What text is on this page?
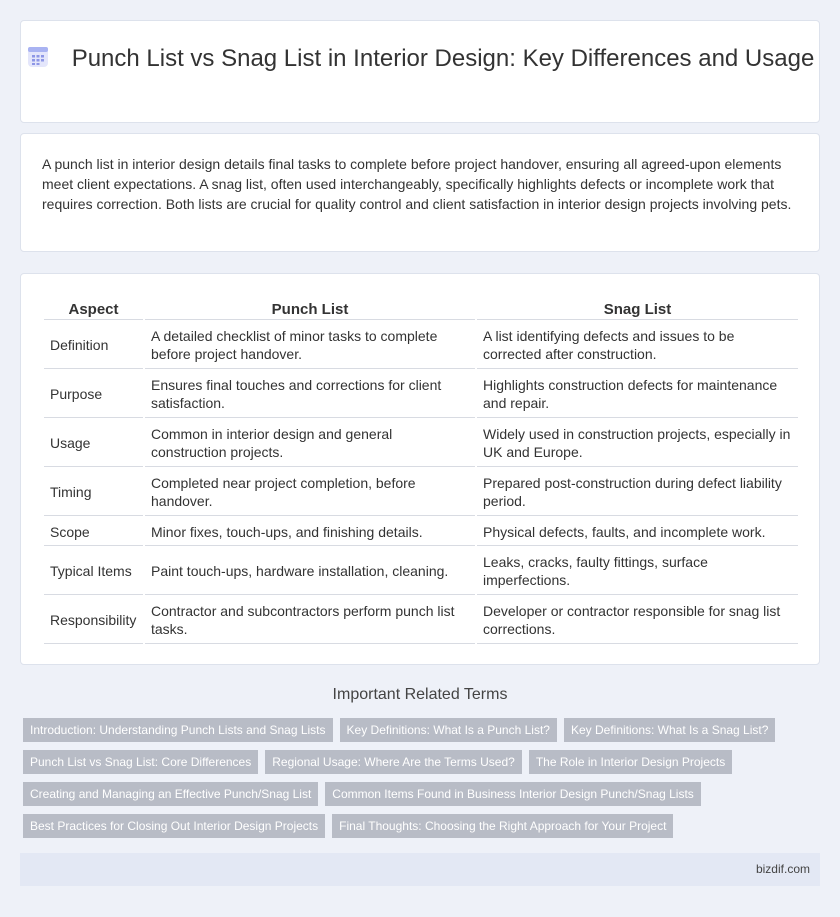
Punch List vs Snag List in Interior Design: Key Differences and Usage

A punch list in interior design details final tasks to complete before project handover, ensuring all agreed-upon elements meet client expectations. A snag list, often used interchangeably, specifically highlights defects or incomplete work that requires correction. Both lists are crucial for quality control and client satisfaction in interior design projects involving pets.

Aspect	Punch List	Snag List
Definition	A detailed checklist of minor tasks to complete before project handover.	A list identifying defects and issues to be corrected after construction.
Purpose	Ensures final touches and corrections for client satisfaction.	Highlights construction defects for maintenance and repair.
Usage	Common in interior design and general construction projects.	Widely used in construction projects, especially in UK and Europe.
Timing	Completed near project completion, before handover.	Prepared post-construction during defect liability period.
Scope	Minor fixes, touch-ups, and finishing details.	Physical defects, faults, and incomplete work.
Typical Items	Paint touch-ups, hardware installation, cleaning.	Leaks, cracks, faulty fittings, surface imperfections.
Responsibility	Contractor and subcontractors perform punch list tasks.	Developer or contractor responsible for snag list corrections.
Important Related Terms
Introduction: Understanding Punch Lists and Snag Lists	Key Definitions: What Is a Punch List?	Key Definitions: What Is a Snag List?
Punch List vs Snag List: Core Differences	Regional Usage: Where Are the Terms Used?	The Role in Interior Design Projects
Creating and Managing an Effective Punch/Snag List	Common Items Found in Business Interior Design Punch/Snag Lists
Best Practices for Closing Out Interior Design Projects	Final Thoughts: Choosing the Right Approach for Your Project
bizdif.com
